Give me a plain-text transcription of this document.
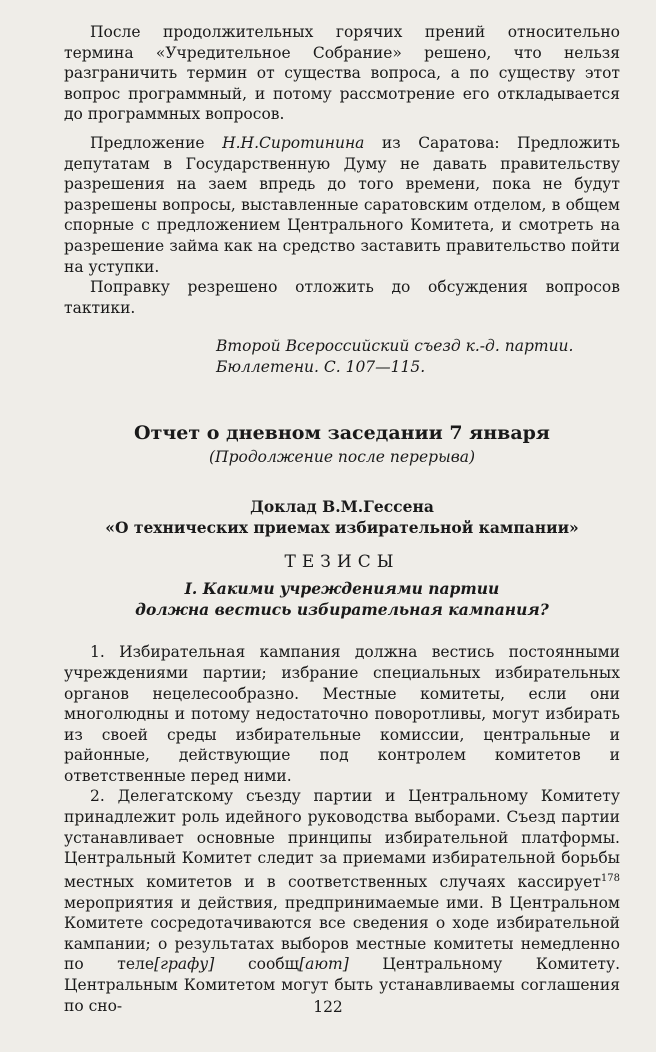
После продолжительных горячих прений относительно термина «Учредительное Собрание» решено, что нельзя разграничить термин от существа вопроса, а по существу этот вопрос программный, и потому рассмотрение его откладывается до программных вопросов.

Предложение Н.Н.Сиротинина из Саратова: Предложить депутатам в Государственную Думу не давать правительству разрешения на заем впредь до того времени, пока не будут разрешены вопросы, выставленные саратовским отделом, в общем спорные с предложением Центрального Комитета, и смотреть на разрешение займа как на средство заставить правительство пойти на уступки.

Поправку резрешено отложить до обсуждения вопросов тактики.

Второй Всероссийский съезд к.-д. партии.
Бюллетени. С. 107—115.
Отчет о дневном заседании 7 января
(Продолжение после перерыва)
Доклад В.М.Гессена
«О технических приемах избирательной кампании»
ТЕЗИСЫ
I. Какими учреждениями партии
должна вестись избирательная кампания?

1. Избирательная кампания должна вестись постоянными учреждениями партии; избрание специальных избирательных органов нецелесообразно. Местные комитеты, если они многолюдны и потому недостаточно поворотливы, могут избирать из своей среды избирательные комиссии, центральные и районные, действующие под контролем комитетов и ответственные перед ними.

2. Делегатскому съезду партии и Центральному Комитету принадлежит роль идейного руководства выборами. Съезд партии устанавливает основные принципы избирательной платформы. Центральный Комитет следит за приемами избирательной борьбы местных комитетов и в соответственных случаях кассирует$^{178}$ мероприятия и действия, предпринимаемые ими. В Центральном Комитете сосредотачиваются все сведения о ходе избирательной кампании; о результатах выборов местные комитеты немедленно по теле[графу] сообщ[ают] Центральному Комитету. Центральным Комитетом могут быть устанавливаемы соглашения по сно-	122
